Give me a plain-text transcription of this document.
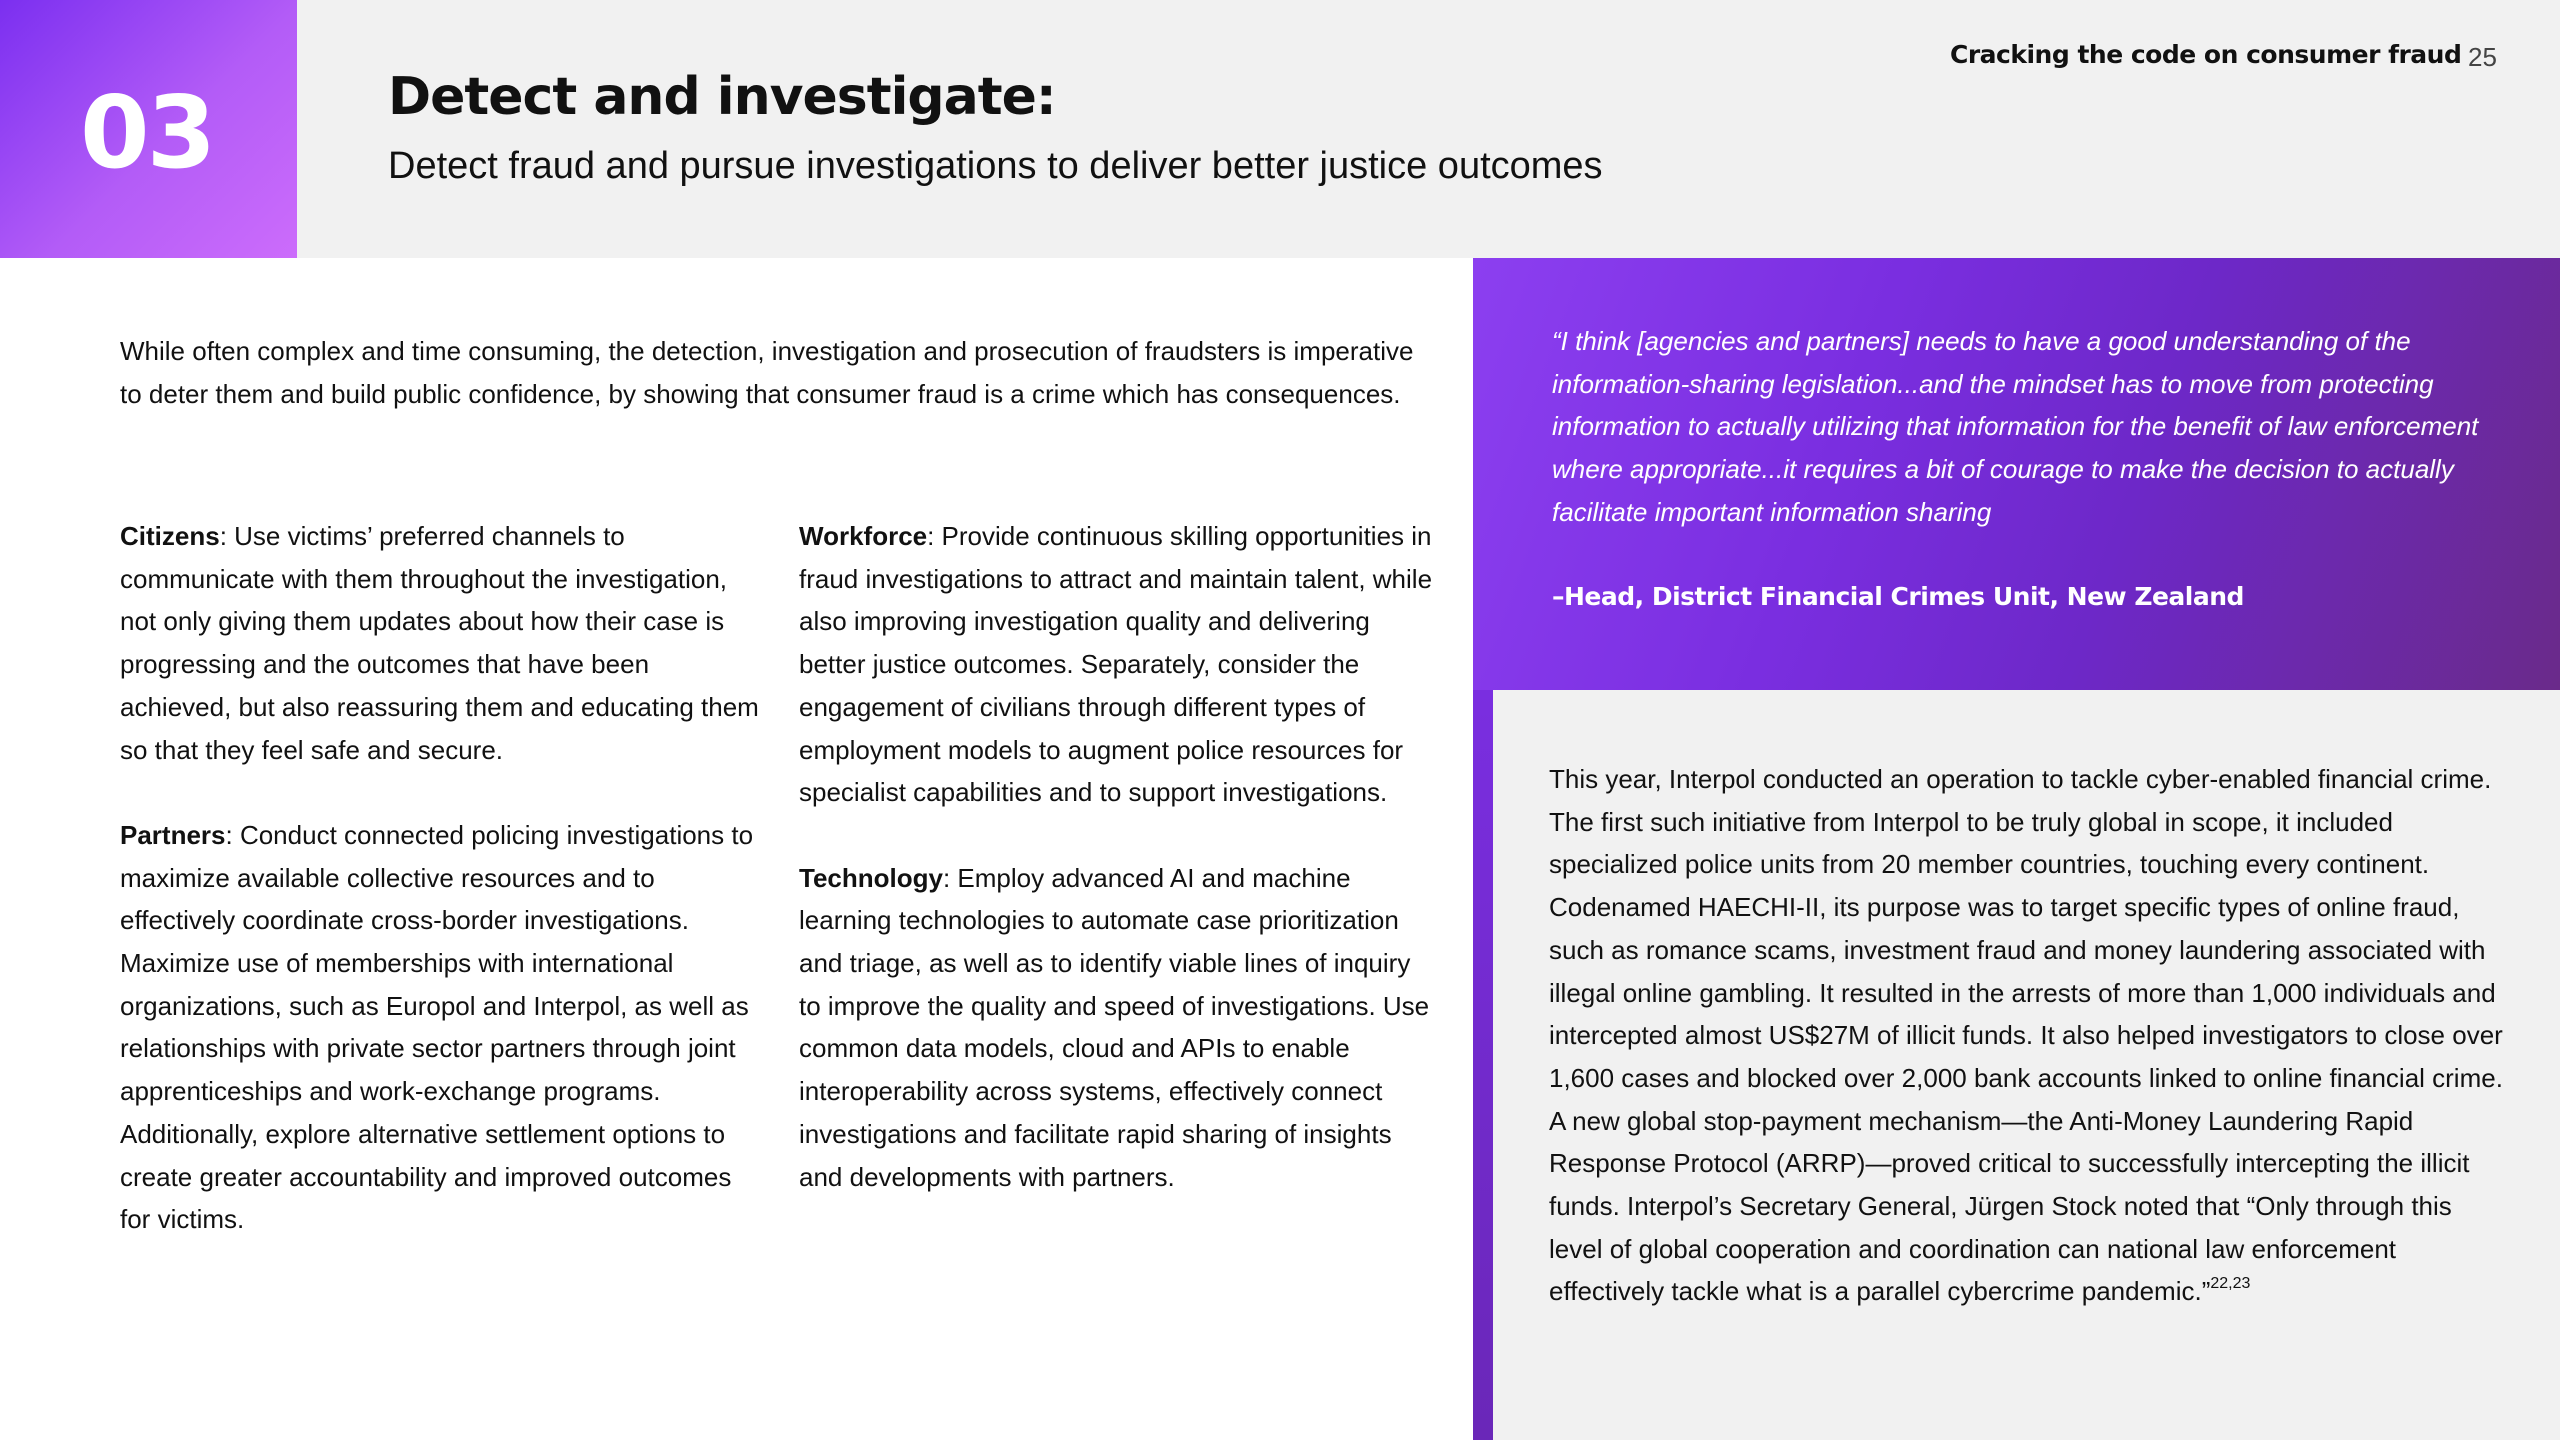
03	Detect and investigate:
Detect fraud and pursue investigations to deliver better justice outcomes
Cracking the code on consumer fraud 25
While often complex and time consuming, the detection, investigation and prosecution of fraudsters is imperative to deter them and build public confidence, by showing that consumer fraud is a crime which has consequences.

Citizens: Use victims’ preferred channels to communicate with them throughout the investigation, not only giving them updates about how their case is progressing and the outcomes that have been achieved, but also reassuring them and educating them so that they feel safe and secure.

Partners: Conduct connected policing investigations to maximize available collective resources and to effectively coordinate cross-border investigations. Maximize use of memberships with international organizations, such as Europol and Interpol, as well as relationships with private sector partners through joint apprenticeships and work-exchange programs. Additionally, explore alternative settlement options to create greater accountability and improved outcomes for victims.

Workforce: Provide continuous skilling opportunities in fraud investigations to attract and maintain talent, while also improving investigation quality and delivering better justice outcomes. Separately, consider the engagement of civilians through different types of employment models to augment police resources for specialist capabilities and to support investigations.

Technology: Employ advanced AI and machine learning technologies to automate case prioritization and triage, as well as to identify viable lines of inquiry to improve the quality and speed of investigations. Use common data models, cloud and APIs to enable interoperability across systems, effectively connect investigations and facilitate rapid sharing of insights and developments with partners.

“I think [agencies and partners] needs to have a good understanding of the information-sharing legislation...and the mindset has to move from protecting information to actually utilizing that information for the benefit of law enforcement where appropriate...it requires a bit of courage to make the decision to actually facilitate important information sharing
–Head, District Financial Crimes Unit, New Zealand
This year, Interpol conducted an operation to tackle cyber-enabled financial crime. The first such initiative from Interpol to be truly global in scope, it included specialized police units from 20 member countries, touching every continent. Codenamed HAECHI-II, its purpose was to target specific types of online fraud, such as romance scams, investment fraud and money laundering associated with illegal online gambling. It resulted in the arrests of more than 1,000 individuals and intercepted almost US$27M of illicit funds. It also helped investigators to close over 1,600 cases and blocked over 2,000 bank accounts linked to online financial crime. A new global stop-payment mechanism—the Anti-Money Laundering Rapid Response Protocol (ARRP)—proved critical to successfully intercepting the illicit funds. Interpol’s Secretary General, Jürgen Stock noted that “Only through this level of global cooperation and coordination can national law enforcement effectively tackle what is a parallel cybercrime pandemic.”$^{22,23}$
